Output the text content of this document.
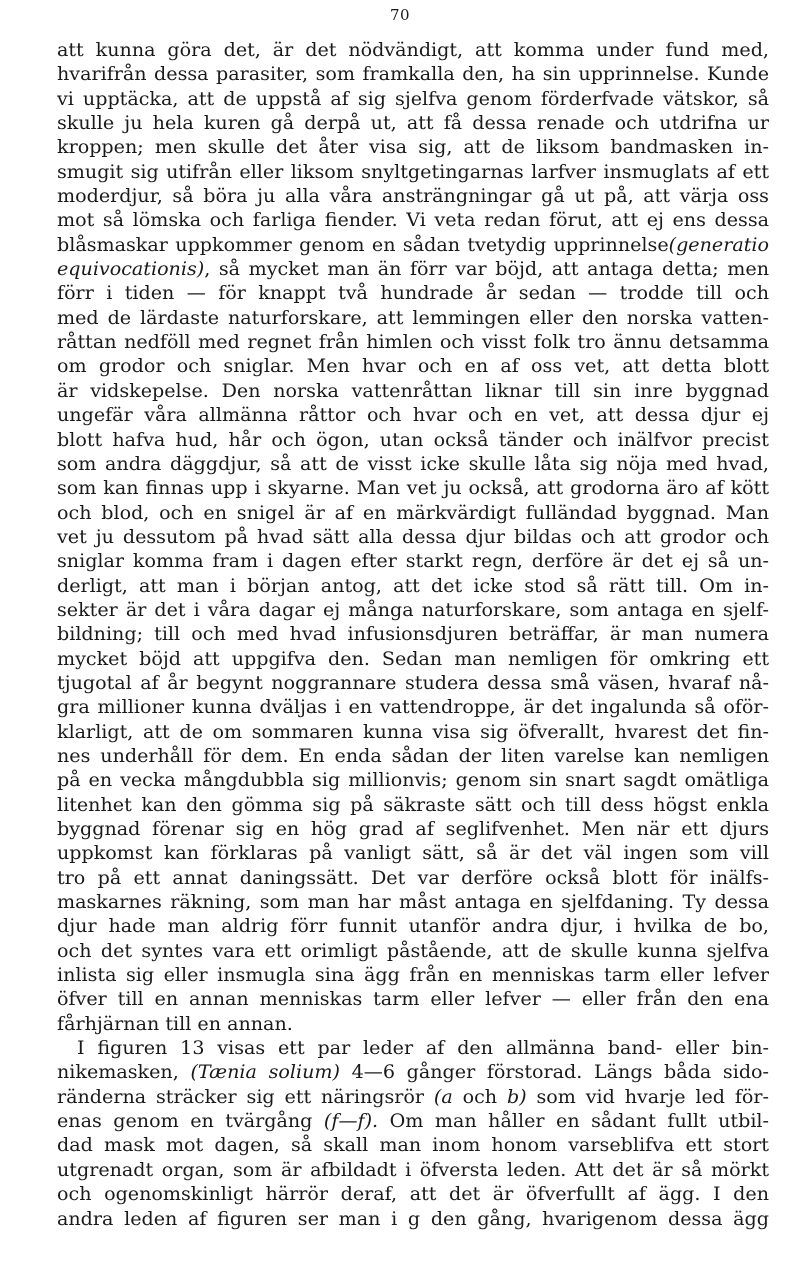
70
att kunna göra det, är det nödvändigt, att komma under fund med,
hvarifrån dessa parasiter, som framkalla den, ha sin upprinnelse. Kunde
vi upptäcka, att de uppstå af sig sjelfva genom förderfvade vätskor, så
skulle ju hela kuren gå derpå ut, att få dessa renade och utdrifna ur
kroppen; men skulle det åter visa sig, att de liksom bandmasken in-
smugit sig utifrån eller liksom snyltgetingarnas larfver insmuglats af ett
moderdjur, så böra ju alla våra ansträngningar gå ut på, att värja oss
mot så lömska och farliga fiender. Vi veta redan förut, att ej ens dessa
blåsmaskar uppkommer genom en sådan tvetydig upprinnelse(generatio
equivocationis), så mycket man än förr var böjd, att antaga detta; men
förr i tiden — för knappt två hundrade år sedan — trodde till och
med de lärdaste naturforskare, att lemmingen eller den norska vatten-
råttan nedföll med regnet från himlen och visst folk tro ännu detsamma
om grodor och sniglar. Men hvar och en af oss vet, att detta blott
är vidskepelse. Den norska vattenråttan liknar till sin inre byggnad
ungefär våra allmänna råttor och hvar och en vet, att dessa djur ej
blott hafva hud, hår och ögon, utan också tänder och inälfvor precist
som andra däggdjur, så att de visst icke skulle låta sig nöja med hvad,
som kan finnas upp i skyarne. Man vet ju också, att grodorna äro af kött
och blod, och en snigel är af en märkvärdigt fulländad byggnad. Man
vet ju dessutom på hvad sätt alla dessa djur bildas och att grodor och
sniglar komma fram i dagen efter starkt regn, derföre är det ej så un-
derligt, att man i början antog, att det icke stod så rätt till. Om in-
sekter är det i våra dagar ej många naturforskare, som antaga en sjelf-
bildning; till och med hvad infusionsdjuren beträffar, är man numera
mycket böjd att uppgifva den. Sedan man nemligen för omkring ett
tjugotal af år begynt noggrannare studera dessa små väsen, hvaraf nå-
gra millioner kunna dväljas i en vattendroppe, är det ingalunda så oför-
klarligt, att de om sommaren kunna visa sig öfverallt, hvarest det fin-
nes underhåll för dem. En enda sådan der liten varelse kan nemligen
på en vecka mångdubbla sig millionvis; genom sin snart sagdt omätliga
litenhet kan den gömma sig på säkraste sätt och till dess högst enkla
byggnad förenar sig en hög grad af seglifvenhet. Men när ett djurs
uppkomst kan förklaras på vanligt sätt, så är det väl ingen som vill
tro på ett annat daningssätt. Det var derföre också blott för inälfs-
maskarnes räkning, som man har måst antaga en sjelfdaning. Ty dessa
djur hade man aldrig förr funnit utanför andra djur, i hvilka de bo,
och det syntes vara ett orimligt påstående, att de skulle kunna sjelfva
inlista sig eller insmugla sina ägg från en menniskas tarm eller lefver
öfver till en annan menniskas tarm eller lefver — eller från den ena
fårhjärnan till en annan.
I figuren 13 visas ett par leder af den allmänna band- eller bin-
nikemasken, (Tænia solium) 4—6 gånger förstorad. Längs båda sido-
ränderna sträcker sig ett näringsrör (a och b) som vid hvarje led för-
enas genom en tvärgång (f—f). Om man håller en sådant fullt utbil-
dad mask mot dagen, så skall man inom honom varseblifva ett stort
utgrenadt organ, som är afbildadt i öfversta leden. Att det är så mörkt
och ogenomskinligt härrör deraf, att det är öfverfullt af ägg. I den
andra leden af figuren ser man i g den gång, hvarigenom dessa ägg
